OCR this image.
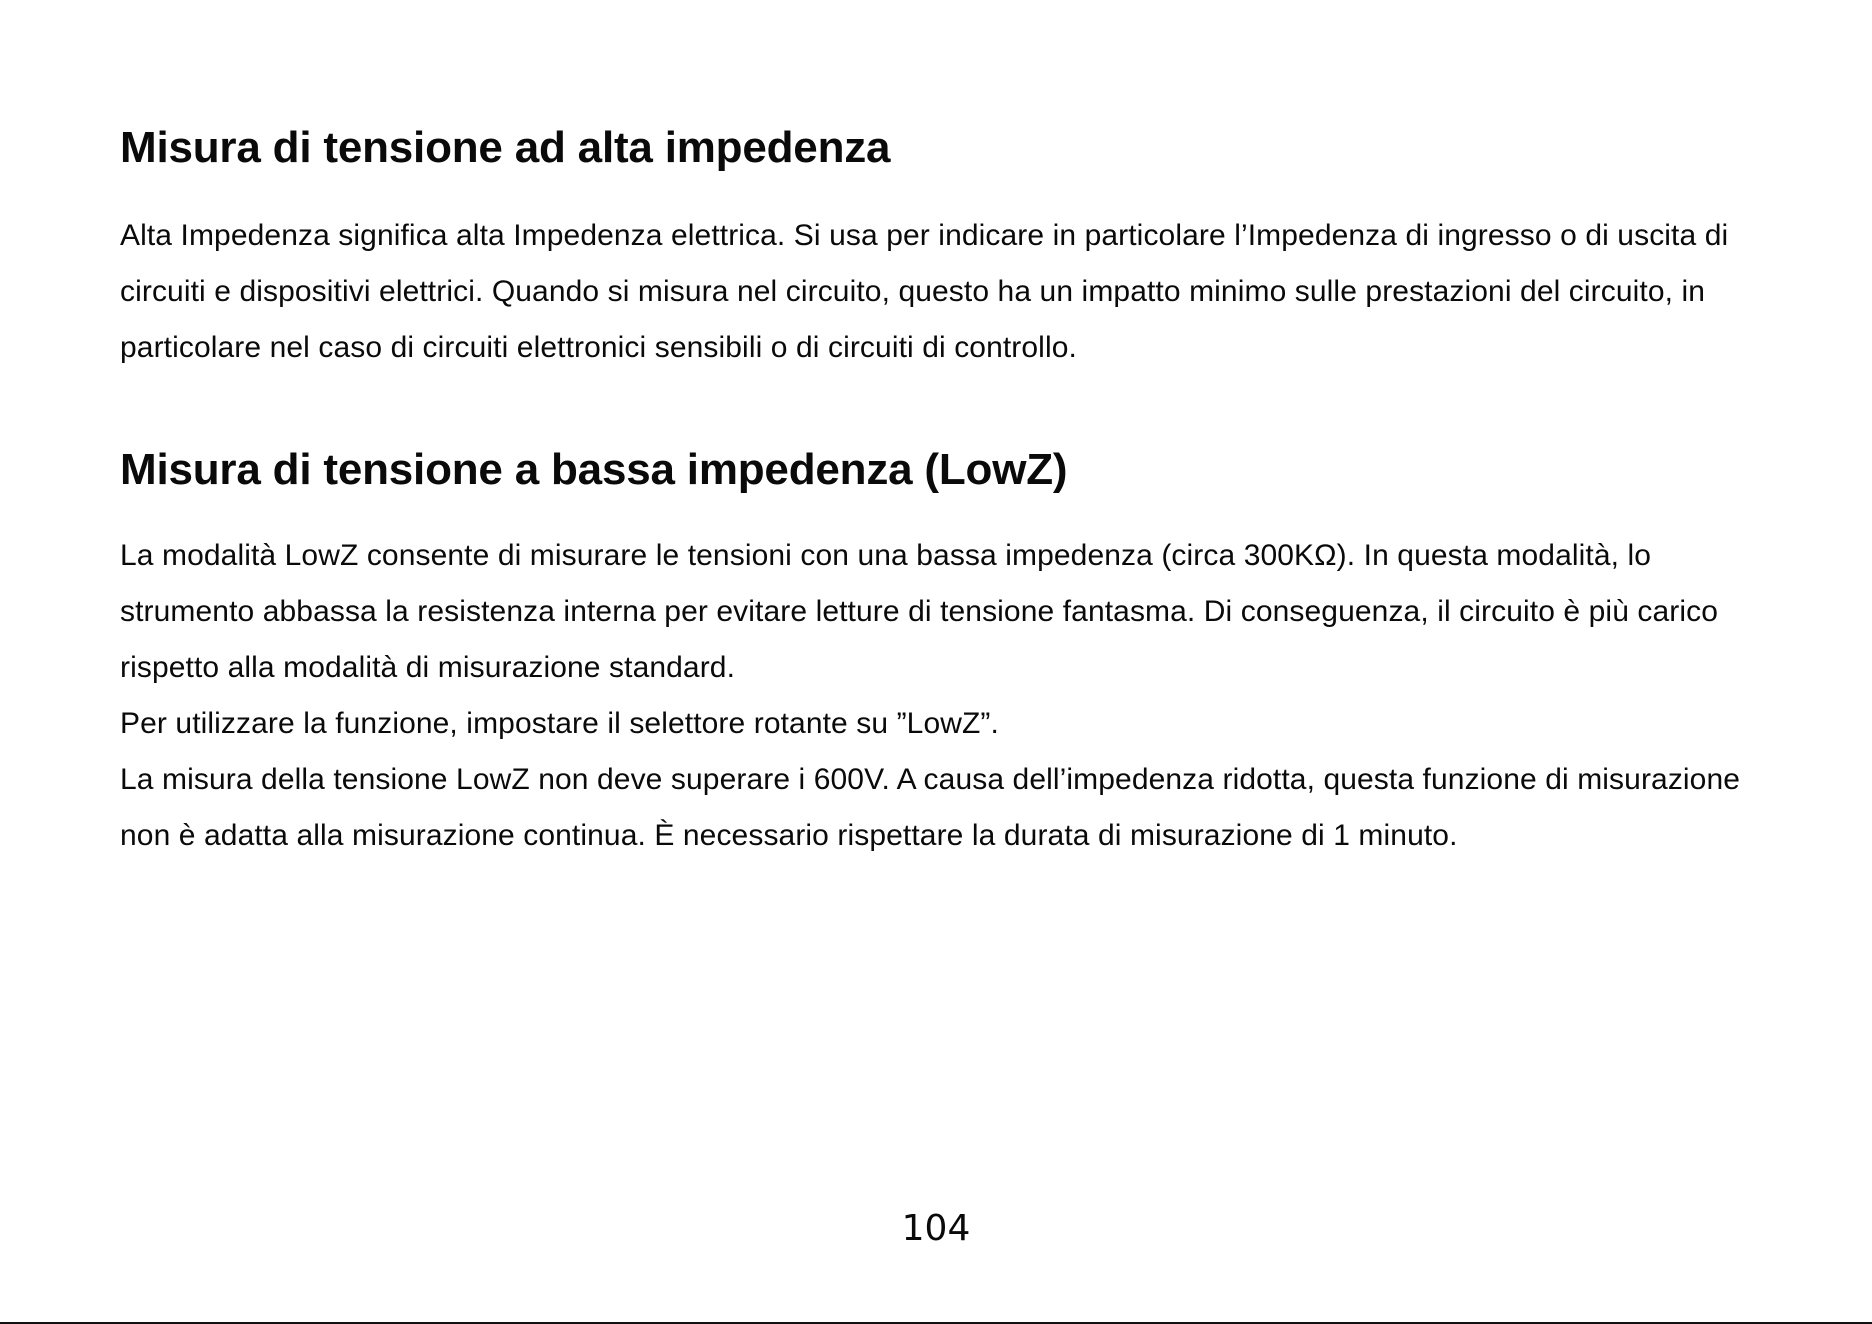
Misura di tensione ad alta impedenza

Alta Impedenza significa alta Impedenza elettrica. Si usa per indicare in particolare l’Impedenza di ingresso o di uscita di circuiti e dispositivi elettrici. Quando si misura nel circuito, questo ha un impatto minimo sulle prestazioni del circuito, in particolare nel caso di circuiti elettronici sensibili o di circuiti di controllo.

Misura di tensione a bassa impedenza (LowZ)

La modalità LowZ consente di misurare le tensioni con una bassa impedenza (circa 300KΩ). In questa modalità, lo strumento abbassa la resistenza interna per evitare letture di tensione fantasma. Di conseguenza, il circuito è più carico rispetto alla modalità di misurazione standard.

Per utilizzare la funzione, impostare il selettore rotante su ”LowZ”.

La misura della tensione LowZ non deve superare i 600V. A causa dell’impedenza ridotta, questa funzione di misurazione non è adatta alla misurazione continua. È necessario rispettare la durata di misurazione di 1 minuto.

104
